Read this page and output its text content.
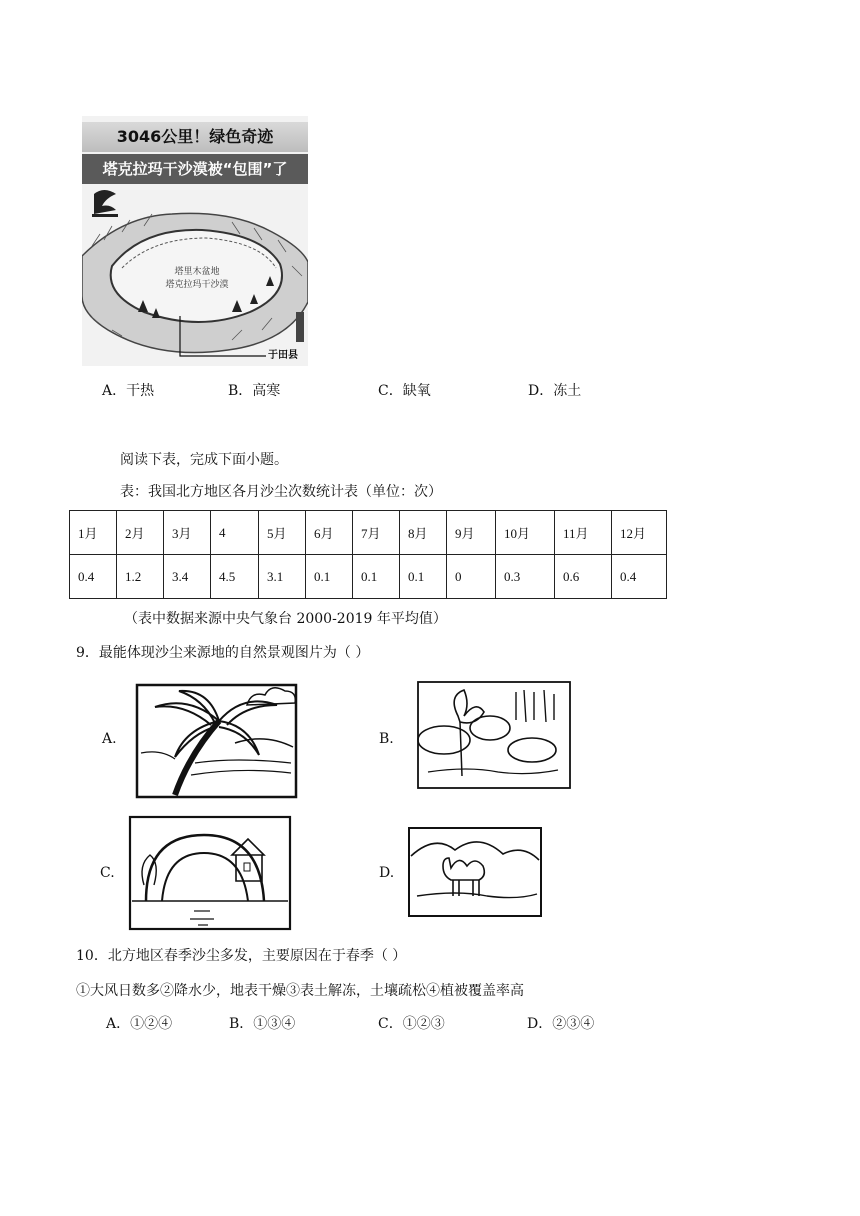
3046公里！绿色奇迹
塔克拉玛干沙漠被“包围”了
塔里木盆地
塔克拉玛干沙漠
于田县
A．干热	B．高寒	C．缺氧	D．冻土
阅读下表，完成下面小题。
表：我国北方地区各月沙尘次数统计表（单位：次）
1月	2月	3月	4	5月	6月	7月	8月	9月	10月	11月	12月
0.4	1.2	3.4	4.5	3.1	0.1	0.1	0.1	0	0.3	0.6	0.4
（表中数据来源中央气象台 2000-2019 年平均值）
9．最能体现沙尘来源地的自然景观图片为（ ）
A.	B.
C.	D.
10．北方地区春季沙尘多发，主要原因在于春季（ ）
①大风日数多②降水少，地表干燥③表土解冻，土壤疏松④植被覆盖率高
A．①②④	B．①③④	C．①②③	D．②③④
